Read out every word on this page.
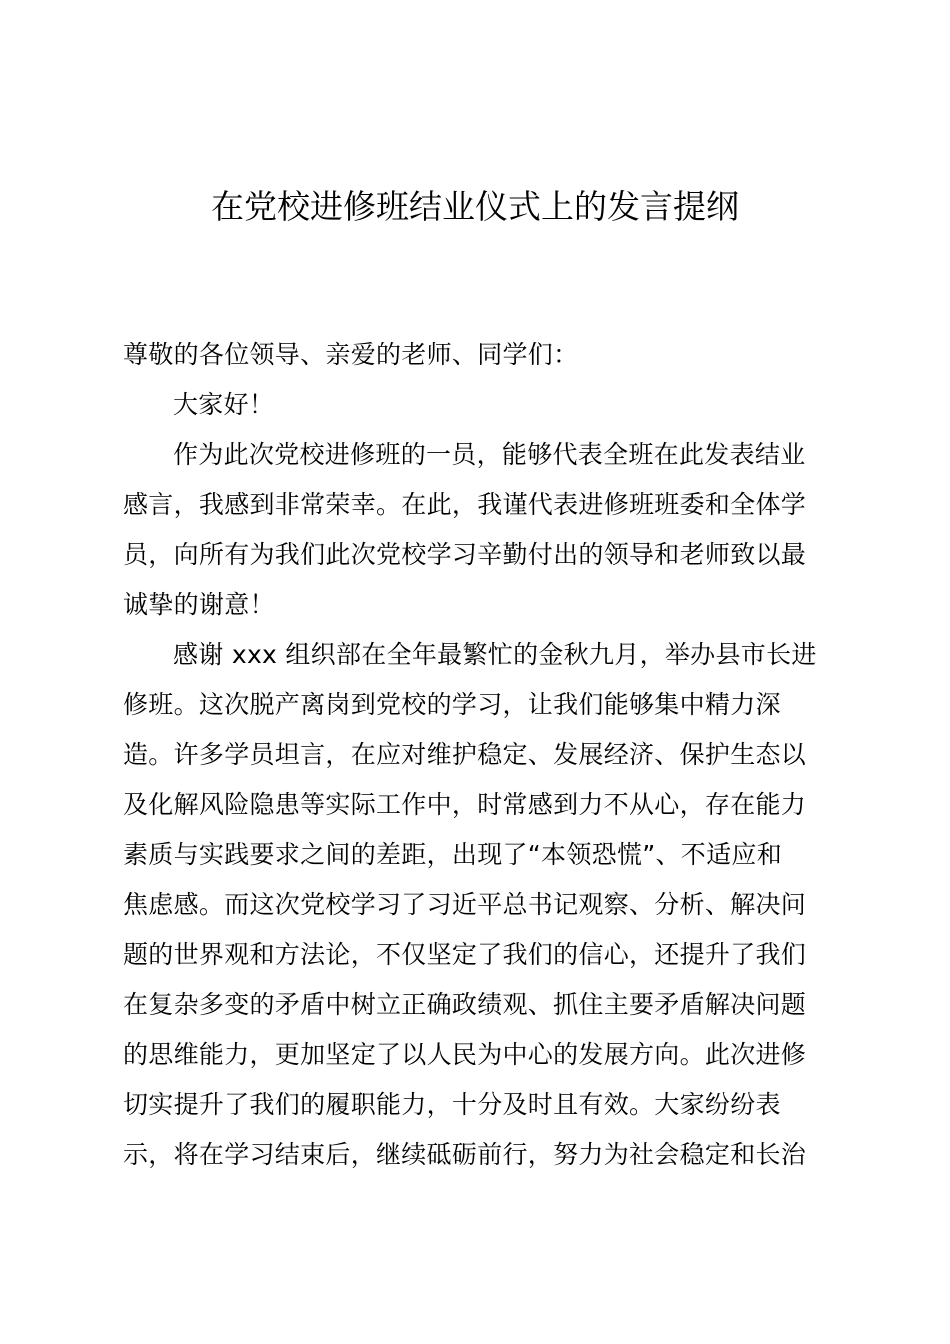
在党校进修班结业仪式上的发言提纲

尊敬的各位领导、亲爱的老师、同学们：

大家好！

作为此次党校进修班的一员，能够代表全班在此发表结业

感言，我感到非常荣幸。在此，我谨代表进修班班委和全体学

员，向所有为我们此次党校学习辛勤付出的领导和老师致以最

诚挚的谢意！

感谢 xxx 组织部在全年最繁忙的金秋九月，举办县市长进

修班。这次脱产离岗到党校的学习，让我们能够集中精力深

造。许多学员坦言，在应对维护稳定、发展经济、保护生态以

及化解风险隐患等实际工作中，时常感到力不从心，存在能力

素质与实践要求之间的差距，出现了“本领恐慌”、不适应和

焦虑感。而这次党校学习了习近平总书记观察、分析、解决问

题的世界观和方法论，不仅坚定了我们的信心，还提升了我们

在复杂多变的矛盾中树立正确政绩观、抓住主要矛盾解决问题

的思维能力，更加坚定了以人民为中心的发展方向。此次进修

切实提升了我们的履职能力，十分及时且有效。大家纷纷表

示，将在学习结束后，继续砥砺前行，努力为社会稳定和长治
